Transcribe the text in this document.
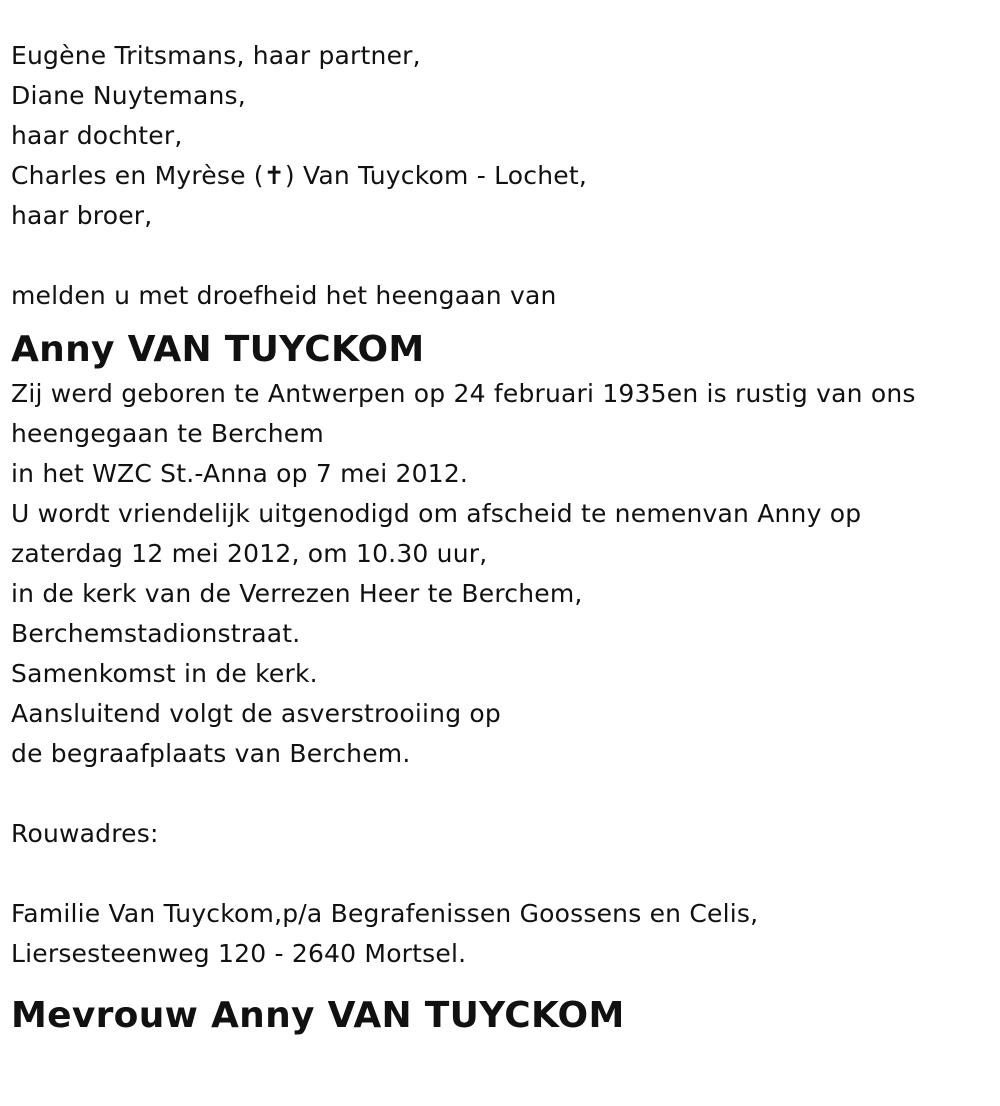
Eugène Tritsmans, haar partner,
Diane Nuytemans,
haar dochter,
Charles en Myrèse (✝) Van Tuyckom - Lochet,
haar broer,
melden u met droefheid het heengaan van
Anny VAN TUYCKOM
Zij werd geboren te Antwerpen op 24 februari 1935en is rustig van ons
heengegaan te Berchem
in het WZC St.-Anna op 7 mei 2012.
U wordt vriendelijk uitgenodigd om afscheid te nemenvan Anny op
zaterdag 12 mei 2012, om 10.30 uur,
in de kerk van de Verrezen Heer te Berchem,
Berchemstadionstraat.
Samenkomst in de kerk.
Aansluitend volgt de asverstrooiing op
de begraafplaats van Berchem.
Rouwadres:
Familie Van Tuyckom,p/a Begrafenissen Goossens en Celis,
Liersesteenweg 120 - 2640 Mortsel.
Mevrouw Anny VAN TUYCKOM
